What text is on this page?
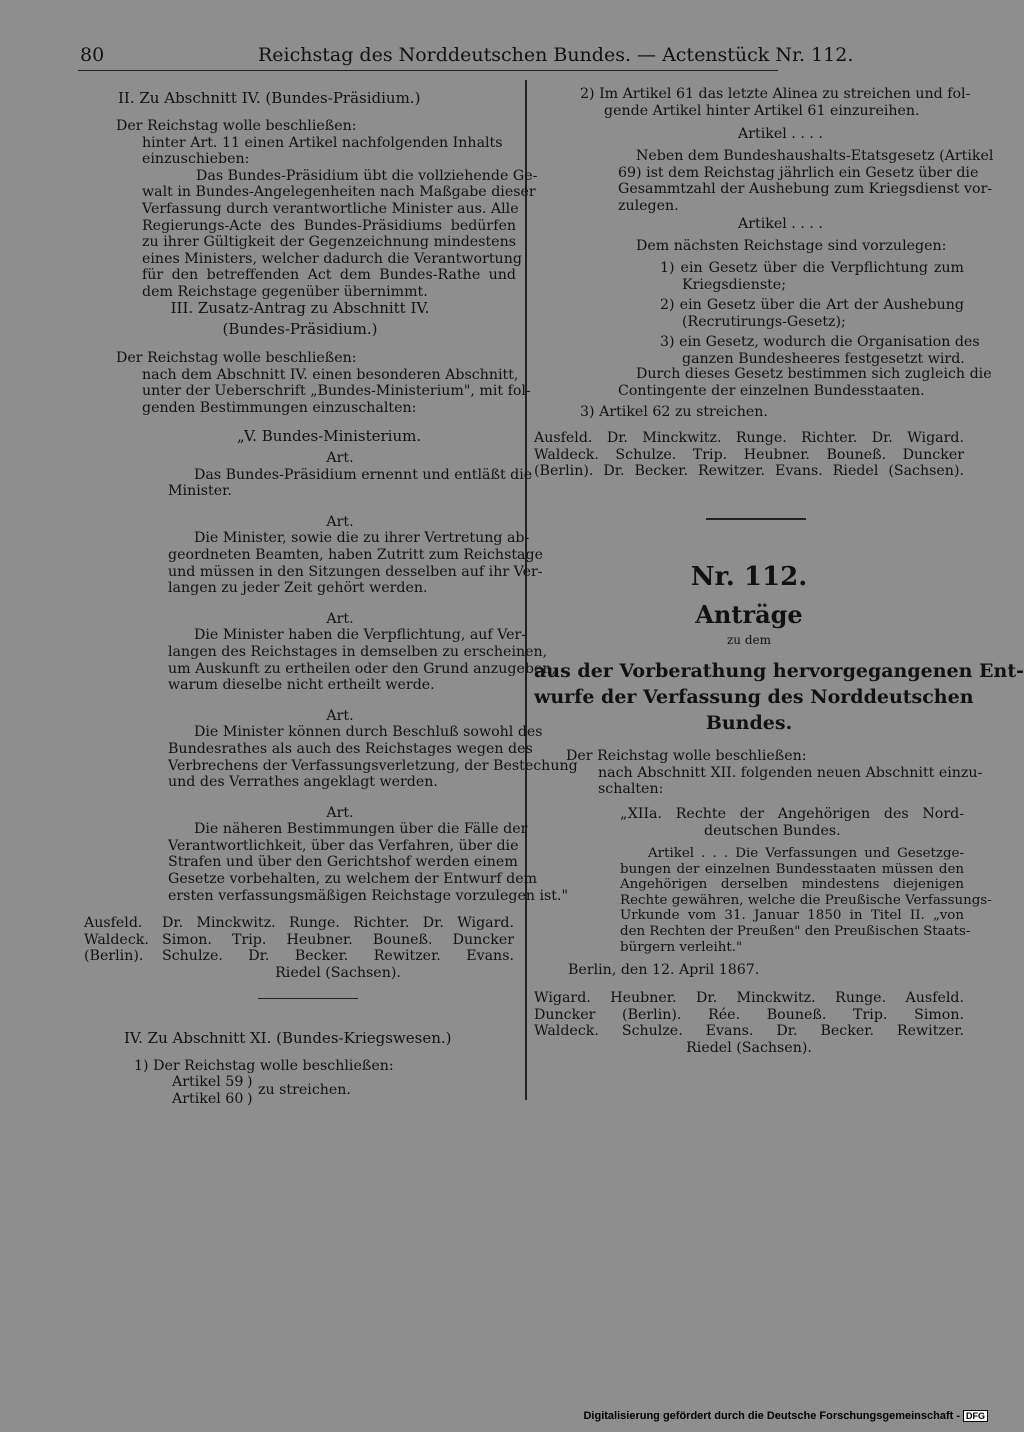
80	Reichstag des Norddeutschen Bundes. — Actenstück Nr. 112.
II. Zu Abschnitt IV. (Bundes-Präsidium.)
Der Reichstag wolle beschließen:
hinter Art. 11 einen Artikel nachfolgenden Inhalts
einzuschieben:
Das Bundes-Präsidium übt die vollziehende Ge-
walt in Bundes-Angelegenheiten nach Maßgabe dieser
Verfassung durch verantwortliche Minister aus. Alle
Regierungs-Acte des Bundes-Präsidiums bedürfen
zu ihrer Gültigkeit der Gegenzeichnung mindestens
eines Ministers, welcher dadurch die Verantwortung
für den betreffenden Act dem Bundes-Rathe und
dem Reichstage gegenüber übernimmt.
III. Zusatz-Antrag zu Abschnitt IV.
(Bundes-Präsidium.)
Der Reichstag wolle beschließen:
nach dem Abschnitt IV. einen besonderen Abschnitt,
unter der Ueberschrift „Bundes-Ministerium", mit fol-
genden Bestimmungen einzuschalten:
„V. Bundes-Ministerium.
Art.
Das Bundes-Präsidium ernennt und entläßt die
Minister.
Art.
Die Minister, sowie die zu ihrer Vertretung ab-
geordneten Beamten, haben Zutritt zum Reichstage
und müssen in den Sitzungen desselben auf ihr Ver-
langen zu jeder Zeit gehört werden.
Art.
Die Minister haben die Verpflichtung, auf Ver-
langen des Reichstages in demselben zu erscheinen,
um Auskunft zu ertheilen oder den Grund anzugeben,
warum dieselbe nicht ertheilt werde.
Art.
Die Minister können durch Beschluß sowohl des
Bundesrathes als auch des Reichstages wegen des
Verbrechens der Verfassungsverletzung, der Bestechung
und des Verrathes angeklagt werden.
Art.
Die näheren Bestimmungen über die Fälle der
Verantwortlichkeit, über das Verfahren, über die
Strafen und über den Gerichtshof werden einem
Gesetze vorbehalten, zu welchem der Entwurf dem
ersten verfassungsmäßigen Reichstage vorzulegen ist."
Ausfeld.
Waldeck.
(Berlin).
Dr. Minckwitz. Runge. Richter. Dr. Wigard.
Simon. Trip. Heubner. Bouneß. Duncker
Schulze. Dr. Becker. Rewitzer. Evans.
Riedel (Sachsen).
IV. Zu Abschnitt XI. (Bundes-Kriegswesen.)
1) Der Reichstag wolle beschließen:
Artikel 59
Artikel 60
)
)
zu streichen.
2) Im Artikel 61 das letzte Alinea zu streichen und fol-
gende Artikel hinter Artikel 61 einzureihen.
Artikel . . . .
Neben dem Bundeshaushalts-Etatsgesetz (Artikel
69) ist dem Reichstag jährlich ein Gesetz über die
Gesammtzahl der Aushebung zum Kriegsdienst vor-
zulegen.
Artikel . . . .
Dem nächsten Reichstage sind vorzulegen:
1) ein Gesetz über die Verpflichtung zum
Kriegsdienste;
2) ein Gesetz über die Art der Aushebung
(Recrutirungs-Gesetz);
3) ein Gesetz, wodurch die Organisation des
ganzen Bundesheeres festgesetzt wird.
Durch dieses Gesetz bestimmen sich zugleich die
Contingente der einzelnen Bundesstaaten.
3) Artikel 62 zu streichen.
Ausfeld. Dr. Minckwitz. Runge. Richter. Dr. Wigard.
Waldeck. Schulze. Trip. Heubner. Bouneß. Duncker
(Berlin). Dr. Becker. Rewitzer. Evans. Riedel (Sachsen).
Nr. 112.
Anträge
zu dem
aus der Vorberathung hervorgegangenen Ent-
wurfe der Verfassung des Norddeutschen
Bundes.
Der Reichstag wolle beschließen:
nach Abschnitt XII. folgenden neuen Abschnitt einzu-
schalten:
„XIIa. Rechte der Angehörigen des Nord-
deutschen Bundes.
Artikel . . . Die Verfassungen und Gesetzge-
bungen der einzelnen Bundesstaaten müssen den
Angehörigen derselben mindestens diejenigen
Rechte gewähren, welche die Preußische Verfassungs-
Urkunde vom 31. Januar 1850 in Titel II. „von
den Rechten der Preußen" den Preußischen Staats-
bürgern verleiht."
Berlin, den 12. April 1867.
Wigard. Heubner. Dr. Minckwitz. Runge. Ausfeld.
Duncker (Berlin). Rée. Bouneß. Trip. Simon.
Waldeck. Schulze. Evans. Dr. Becker. Rewitzer.
Riedel (Sachsen).
Digitalisierung gefördert durch die Deutsche Forschungsgemeinschaft - DFG
